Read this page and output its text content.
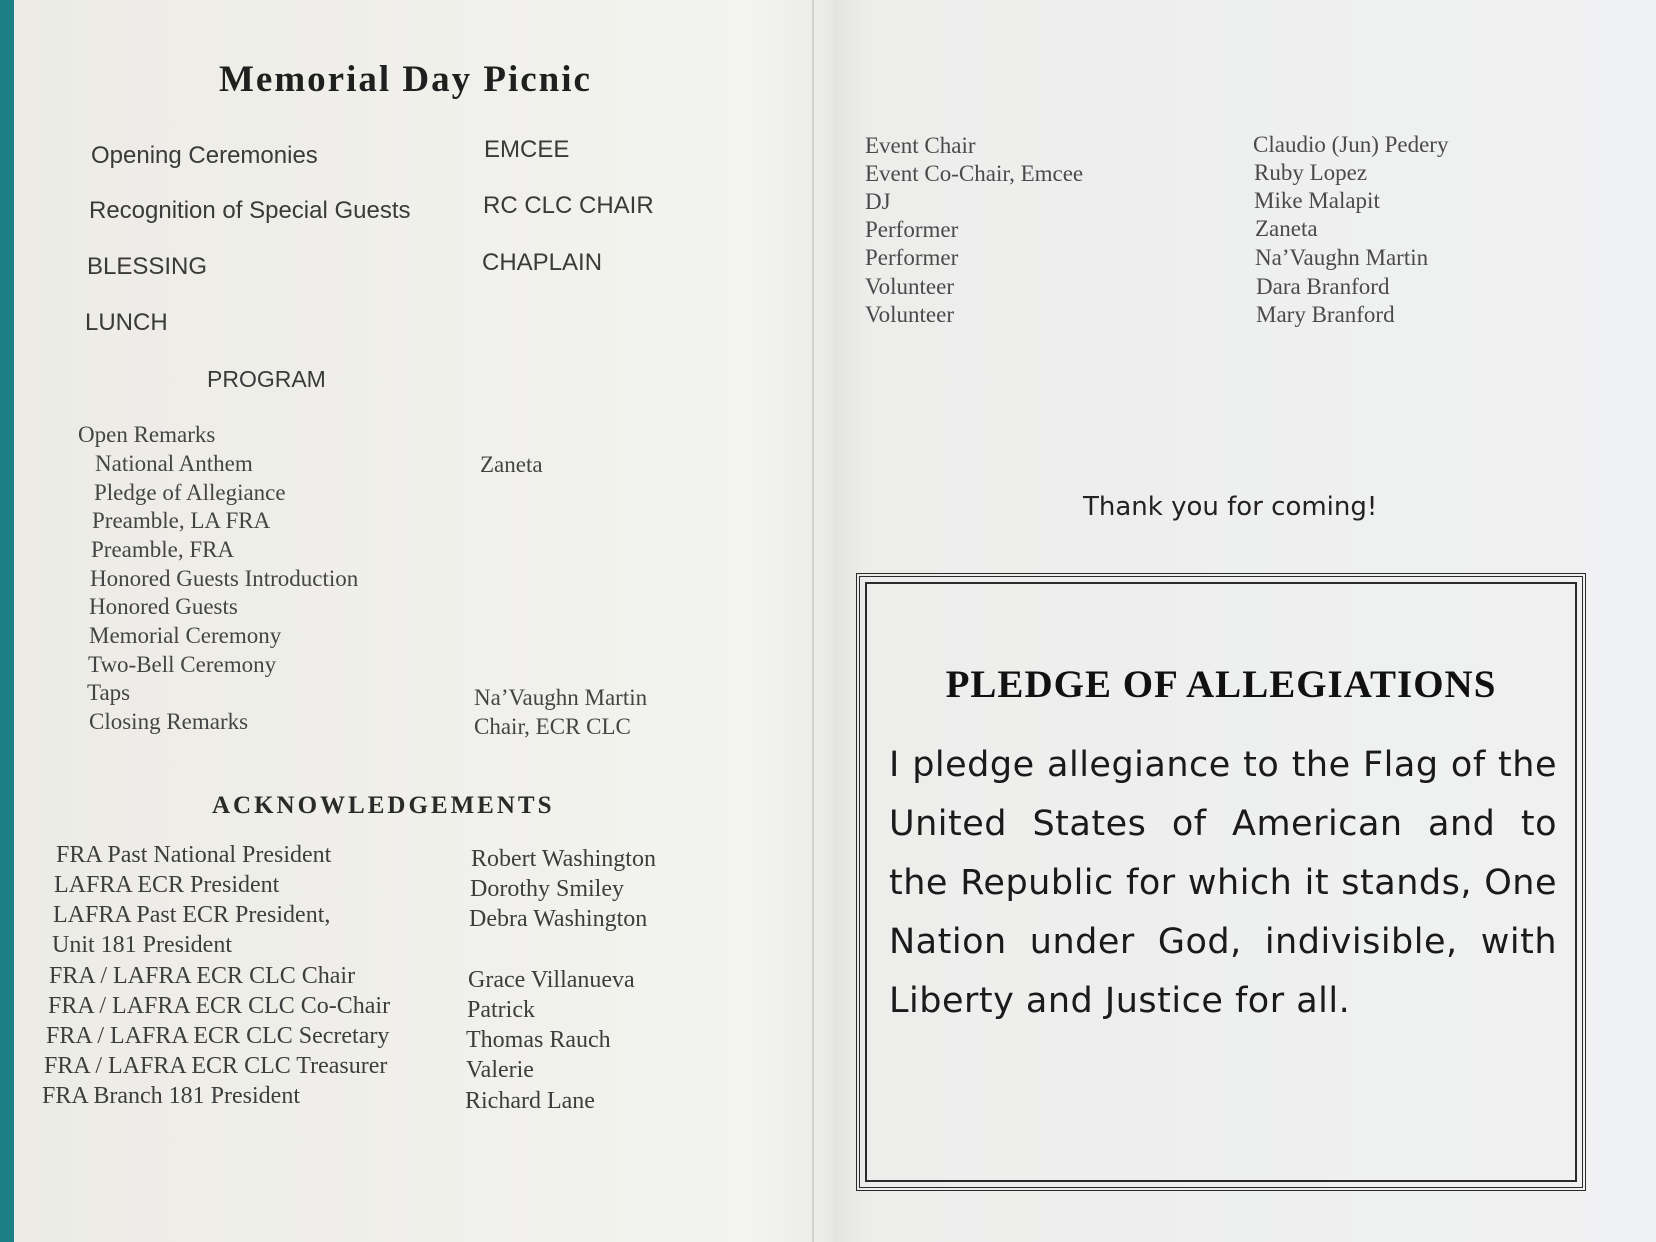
Memorial Day Picnic
Opening Ceremonies	EMCEE
Recognition of Special Guests	RC CLC CHAIR
BLESSING	CHAPLAIN
LUNCH
PROGRAM
Open Remarks
National Anthem	Zaneta
Pledge of Allegiance
Preamble, LA FRA
Preamble, FRA
Honored Guests Introduction
Honored Guests
Memorial Ceremony
Two-Bell Ceremony
Taps	Na’Vaughn Martin
Closing Remarks	Chair, ECR CLC
ACKNOWLEDGEMENTS
FRA Past National President	Robert Washington
LAFRA ECR President	Dorothy Smiley
LAFRA Past ECR President,	Debra Washington
Unit 181 President
FRA / LAFRA ECR CLC Chair	Grace Villanueva
FRA / LAFRA ECR CLC Co-Chair	Patrick
FRA / LAFRA ECR CLC Secretary	Thomas Rauch
FRA / LAFRA ECR CLC Treasurer	Valerie
FRA Branch 181 President	Richard Lane
Event Chair	Claudio (Jun) Pedery
Event Co-Chair, Emcee	Ruby Lopez
DJ	Mike Malapit
Performer	Zaneta
Performer	Na’Vaughn Martin
Volunteer	Dara Branford
Volunteer	Mary Branford
Thank you for coming!
PLEDGE OF ALLEGIATIONS
I pledge allegiance to the Flag of the United States of American and to the Republic for which it stands, One Nation under God, indivisible, with Liberty and Justice for all.
